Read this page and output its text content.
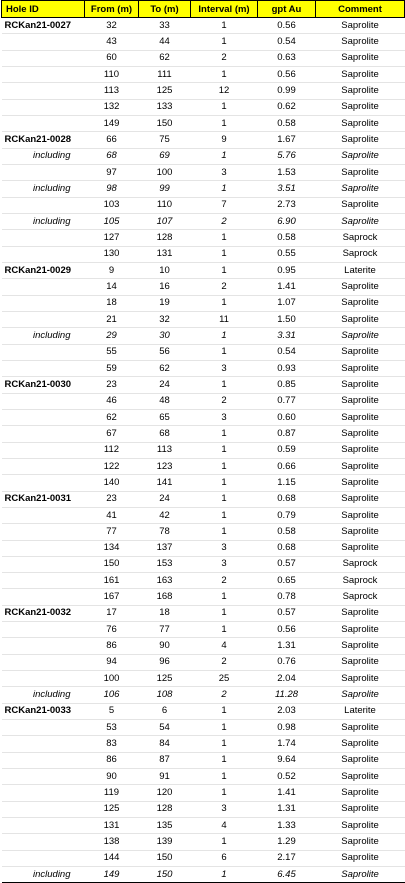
Hole ID	From (m)	To (m)	Interval (m)	gpt Au	Comment
RCKan21-0027	32	33	1	0.56	Saprolite
	43	44	1	0.54	Saprolite
	60	62	2	0.63	Saprolite
	110	111	1	0.56	Saprolite
	113	125	12	0.99	Saprolite
	132	133	1	0.62	Saprolite
	149	150	1	0.58	Saprolite
RCKan21-0028	66	75	9	1.67	Saprolite
including	68	69	1	5.76	Saprolite
	97	100	3	1.53	Saprolite
including	98	99	1	3.51	Saprolite
	103	110	7	2.73	Saprolite
including	105	107	2	6.90	Saprolite
	127	128	1	0.58	Saprock
	130	131	1	0.55	Saprock
RCKan21-0029	9	10	1	0.95	Laterite
	14	16	2	1.41	Saprolite
	18	19	1	1.07	Saprolite
	21	32	11	1.50	Saprolite
including	29	30	1	3.31	Saprolite
	55	56	1	0.54	Saprolite
	59	62	3	0.93	Saprolite
RCKan21-0030	23	24	1	0.85	Saprolite
	46	48	2	0.77	Saprolite
	62	65	3	0.60	Saprolite
	67	68	1	0.87	Saprolite
	112	113	1	0.59	Saprolite
	122	123	1	0.66	Saprolite
	140	141	1	1.15	Saprolite
RCKan21-0031	23	24	1	0.68	Saprolite
	41	42	1	0.79	Saprolite
	77	78	1	0.58	Saprolite
	134	137	3	0.68	Saprolite
	150	153	3	0.57	Saprock
	161	163	2	0.65	Saprock
	167	168	1	0.78	Saprock
RCKan21-0032	17	18	1	0.57	Saprolite
	76	77	1	0.56	Saprolite
	86	90	4	1.31	Saprolite
	94	96	2	0.76	Saprolite
	100	125	25	2.04	Saprolite
including	106	108	2	11.28	Saprolite
RCKan21-0033	5	6	1	2.03	Laterite
	53	54	1	0.98	Saprolite
	83	84	1	1.74	Saprolite
	86	87	1	9.64	Saprolite
	90	91	1	0.52	Saprolite
	119	120	1	1.41	Saprolite
	125	128	3	1.31	Saprolite
	131	135	4	1.33	Saprolite
	138	139	1	1.29	Saprolite
	144	150	6	2.17	Saprolite
including	149	150	1	6.45	Saprolite
